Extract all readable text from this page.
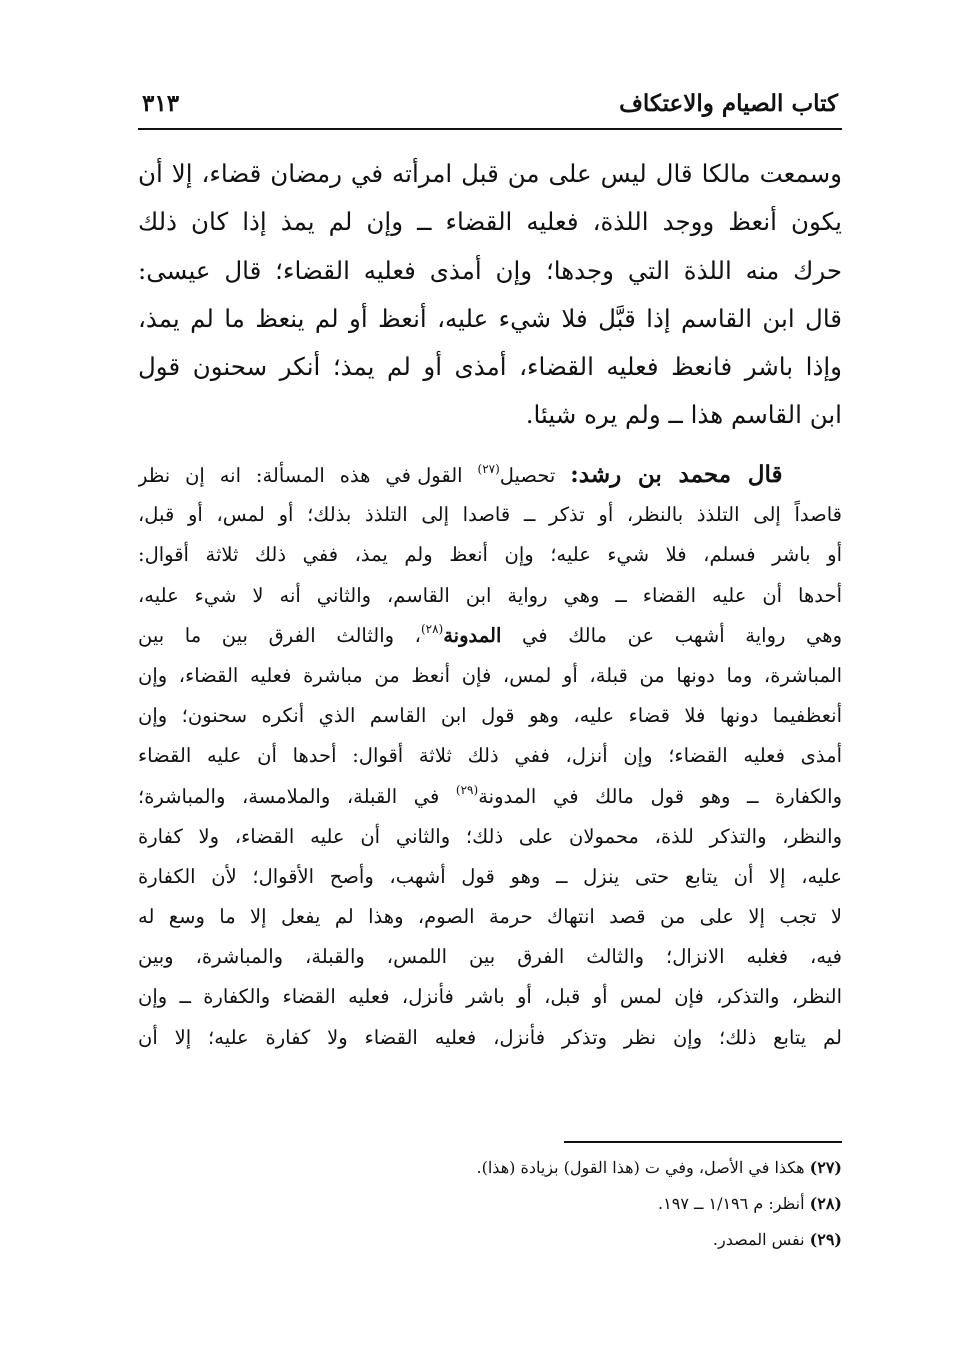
كتاب الصيام والاعتكاف
٣١٣
وسمعت مالكا قال ليس على من قبل امرأته في رمضان قضاء، إلا أن
يكون أنعظ ووجد اللذة، فعليه القضاء ــ وإن لم يمذ إذا كان ذلك
حرك منه اللذة التي وجدها؛ وإن أمذى فعليه القضاء؛ قال عيسى:
قال ابن القاسم إذا قبَّل فلا شيء عليه، أنعظ أو لم ينعظ ما لم يمذ،
وإذا باشر فانعظ فعليه القضاء، أمذى أو لم يمذ؛ أنكر سحنون قول
ابن القاسم هذا ــ ولم يره شيئا.
قال محمد بن رشد: تحصيل$^{(٢٧)}$ القول في هذه المسألة: انه إن نظر
قاصداً إلى التلذذ بالنظر، أو تذكر ــ قاصدا إلى التلذذ بذلك؛ أو لمس، أو قبل،
أو باشر فسلم، فلا شيء عليه؛ وإن أنعظ ولم يمذ، ففي ذلك ثلاثة أقوال:
أحدها أن عليه القضاء ــ وهي رواية ابن القاسم، والثاني أنه لا شيء عليه،
وهي رواية أشهب عن مالك في المدونة$^{(٢٨)}$، والثالث الفرق بين ما بين
المباشرة، وما دونها من قبلة، أو لمس، فإن أنعظ من مباشرة فعليه القضاء، وإن
أنعظفيما دونها فلا قضاء عليه، وهو قول ابن القاسم الذي أنكره سحنون؛ وإن
أمذى فعليه القضاء؛ وإن أنزل، ففي ذلك ثلاثة أقوال: أحدها أن عليه القضاء
والكفارة ــ وهو قول مالك في المدونة$^{(٢٩)}$ في القبلة، والملامسة، والمباشرة؛
والنظر، والتذكر للذة، محمولان على ذلك؛ والثاني أن عليه القضاء، ولا كفارة
عليه، إلا أن يتابع حتى ينزل ــ وهو قول أشهب، وأصح الأقوال؛ لأن الكفارة
لا تجب إلا على من قصد انتهاك حرمة الصوم، وهذا لم يفعل إلا ما وسع له
فيه، فغلبه الانزال؛ والثالث الفرق بين اللمس، والقبلة، والمباشرة، وبين
النظر، والتذكر، فإن لمس أو قبل، أو باشر فأنزل، فعليه القضاء والكفارة ــ وإن
لم يتابع ذلك؛ وإن نظر وتذكر فأنزل، فعليه القضاء ولا كفارة عليه؛ إلا أن
(٢٧) هكذا في الأصل، وفي ت (هذا القول) بزيادة (هذا).
(٢٨) أنظر: م ١/١٩٦ ــ ١٩٧.
(٢٩) نفس المصدر.
